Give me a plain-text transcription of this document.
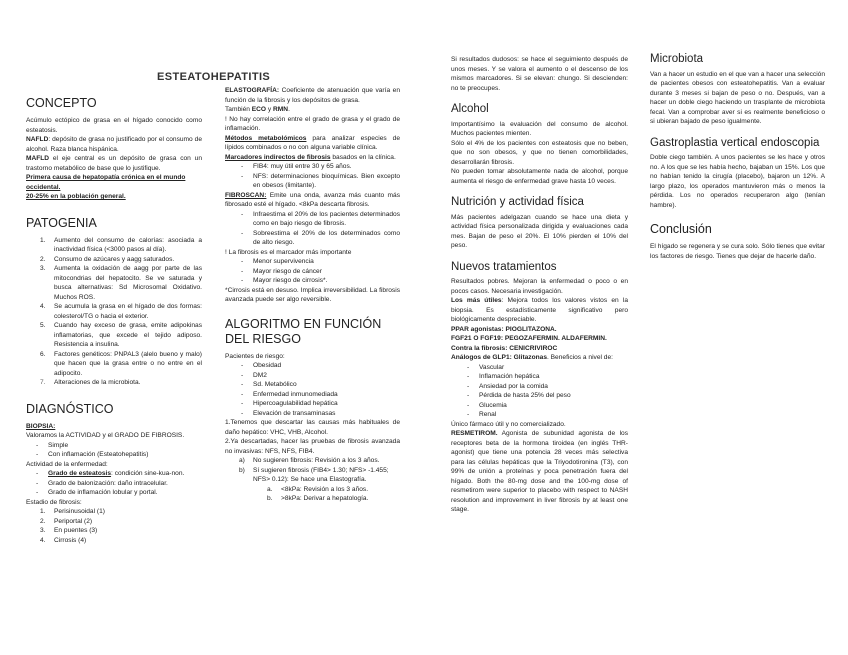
ESTEATOHEPATITIS
CONCEPTO

Acúmulo ectópico de grasa en el hígado conocido como esteatosis.

NAFLD: depósito de grasa no justificado por el consumo de alcohol. Raza blanca hispánica.

MAFLD el eje central es un depósito de grasa con un trastorno metabólico de base que lo justifique.

Primera causa de hepatopatía crónica en el mundo occidental.

20-25% en la población general.

PATOGENIA
1.	Aumento del consumo de calorías: asociada a inactividad física (<3000 pasos al día).
2.	Consumo de azúcares y aagg saturados.
3.	Aumenta la oxidación de aagg por parte de las mitocondrias del hepatocito. Se ve saturada y busca alternativas: Sd Microsomal Oxidativo. Muchos ROS.
4.	Se acumula la grasa en el hígado de dos formas: colesterol/TG o hacia el exterior.
5.	Cuando hay exceso de grasa, emite adipokinas inflamatorias, que excede el tejido adiposo. Resistencia a insulina.
6.	Factores genéticos: PNPAL3 (alelo bueno y malo) que hacen que la grasa entre o no entre en el adipocito.
7.	Alteraciones de la microbiota.
DIAGNÓSTICO

BIOPSIA:

Valoramos la ACTIVIDAD y el GRADO DE FIBROSIS.

- Simple
- Con inflamación (Esteatohepatitis)

Actividad de la enfermedad:

- Grado de esteatosis: condición sine-kua-non.
- Grado de balonización: daño intracelular.
- Grado de inflamación lobular y portal.

Estadio de fibrosis:

1.	Perisinusoidal (1)
2.	Periportal (2)
3.	En puentes (3)
4.	Cirrosis (4)

ELASTOGRAFÍA: Coeficiente de atenuación que varía en función de la fibrosis y los depósitos de grasa.

También ECO y RMN.

! No hay correlación entre el grado de grasa y el grado de inflamación.

Métodos metabolómicos para analizar especies de lípidos combinados o no con alguna variable clínica.

Marcadores indirectos de fibrosis basados en la clínica.

- FIB4: muy útil entre 30 y 65 años.
- NFS: determinaciones bioquímicas. Bien excepto en obesos (limitante).

FIBROSCAN: Emite una onda, avanza más cuanto más fibrosado esté el hígado. <8kPa descarta fibrosis.

- Infraestima el 20% de los pacientes determinados como en bajo riesgo de fibrosis.
- Sobreestima el 20% de los determinados como de alto riesgo.

! La fibrosis es el marcador más importante

- Menor supervivencia
- Mayor riesgo de cáncer
- Mayor riesgo de cirrosis*.

*Cirrosis está en desuso. Implica irreversibilidad. La fibrosis avanzada puede ser algo reversible.

ALGORITMO EN FUNCIÓN DEL RIESGO

Pacientes de riesgo:

- Obesidad
- DM2
- Sd. Metabólico
- Enfermedad inmunomediada
- Hipercoagulabilidad hepática
- Elevación de transaminasas

1.Tenemos que descartar las causas más habituales de daño hepático: VHC, VHB, Alcohol.

2.Ya descartadas, hacer las pruebas de fibrosis avanzada no invasivas: NFS, NFS, FIB4.

a)	No sugieren fibrosis: Revisión a los 3 años.
b)	Sí sugieren fibrosis (FIB4> 1.30; NFS> -1.455; NFS> 0.12): Se hace una Elastografía.
a.	<8kPa: Revisión a los 3 años.
b.	>8kPa: Derivar a hepatología.

Si resultados dudosos: se hace el seguimiento después de unos meses. Y se valora el aumento o el descenso de los mismos marcadores. Si se elevan: chungo. Si descienden: no te preocupes.

Alcohol

Importantísimo la evaluación del consumo de alcohol. Muchos pacientes mienten.

Sólo el 4% de los pacientes con esteatosis que no beben, que no son obesos, y que no tienen comorbilidades, desarrollarán fibrosis.

No pueden tomar absolutamente nada de alcohol, porque aumenta el riesgo de enfermedad grave hasta 10 veces.

Nutrición y actividad física

Más pacientes adelgazan cuando se hace una dieta y actividad física personalizada dirigida y evaluaciones cada mes. Bajan de peso el 20%. El 10% pierden el 10% del peso.

Nuevos tratamientos

Resultados pobres. Mejoran la enfermedad o poco o en pocos casos. Necesaria investigación.

Los más útiles: Mejora todos los valores vistos en la biopsia. Es estadísticamente significativo pero biológicamente despreciable.

PPAR agonistas: PIOGLITAZONA.

FGF21 O FGF19: PEGOZAFERMIN. ALDAFERMIN.

Contra la fibrosis: CENICRIVIROC

Análogos de GLP1: Glitazonas. Beneficios a nivel de:

- Vascular
- Inflamación hepática
- Ansiedad por la comida
- Pérdida de hasta 25% del peso
- Glucemia
- Renal

Único fármaco útil y no comercializado.

RESMETIROM. Agonista de subunidad agonista de los receptores beta de la hormona tiroidea (en inglés THR-agonist) que tiene una potencia 28 veces más selectiva para las células hepáticas que la Triyodotironina (T3), con 99% de unión a proteínas y poca penetración fuera del hígado. Both the 80-mg dose and the 100-mg dose of resmetirom were superior to placebo with respect to NASH resolution and improvement in liver fibrosis by at least one stage.

Microbiota

Van a hacer un estudio en el que van a hacer una selección de pacientes obesos con esteatohepatitis. Van a evaluar durante 3 meses si bajan de peso o no. Después, van a hacer un doble ciego haciendo un trasplante de microbiota fecal. Van a comprobar aver si es realmente beneficioso o si ubieran bajado de peso igualmente.

Gastroplastia vertical endoscopia

Doble ciego también. A unos pacientes se les hace y otros no. A los que se les había hecho, bajaban un 15%. Los que no habían tenido la cirugía (placebo), bajaron un 12%. A largo plazo, los operados mantuvieron más o menos la pérdida. Los no operados recuperaron algo (tenían hambre).

Conclusión

El hígado se regenera y se cura solo. Sólo tienes que evitar los factores de riesgo. Tienes que dejar de hacerle daño.
